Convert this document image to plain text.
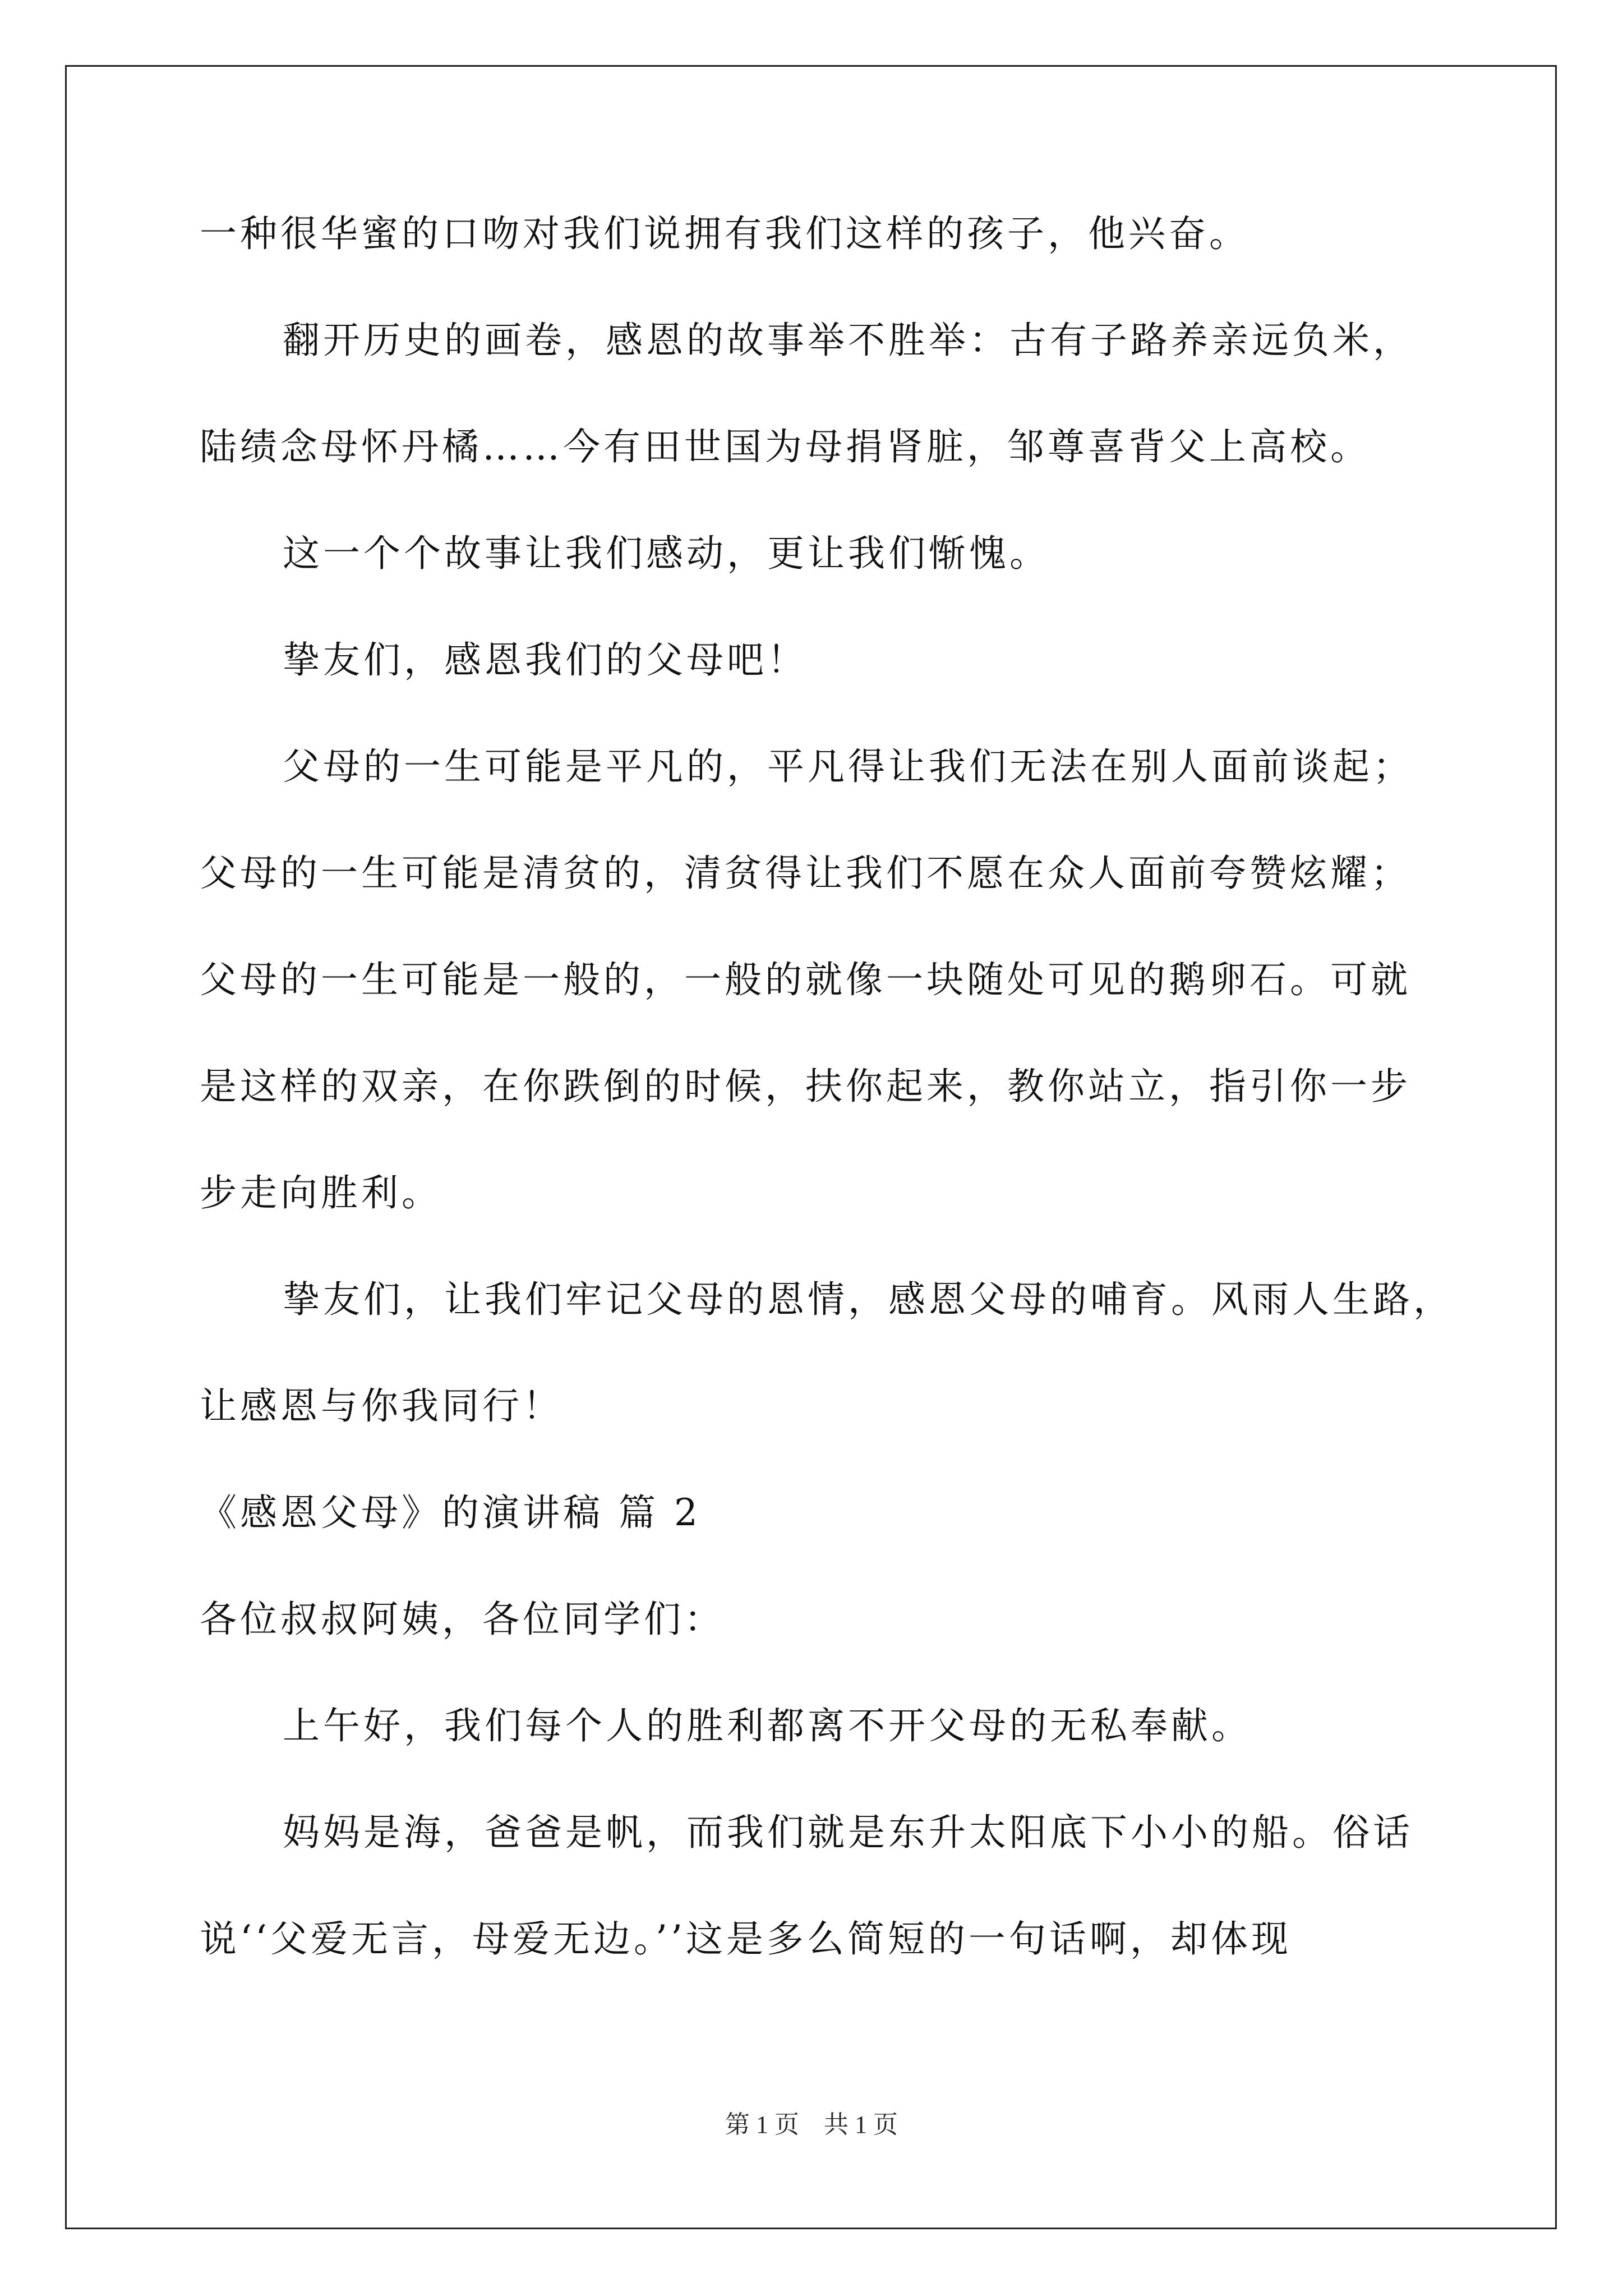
一种很华蜜的口吻对我们说拥有我们这样的孩子，他兴奋。
翻开历史的画卷，感恩的故事举不胜举：古有子路养亲远负米，
陆绩念母怀丹橘……今有田世国为母捐肾脏，邹尊喜背父上高校。
这一个个故事让我们感动，更让我们惭愧。
挚友们，感恩我们的父母吧！
父母的一生可能是平凡的，平凡得让我们无法在别人面前谈起；
父母的一生可能是清贫的，清贫得让我们不愿在众人面前夸赞炫耀；
父母的一生可能是一般的，一般的就像一块随处可见的鹅卵石。可就
是这样的双亲，在你跌倒的时候，扶你起来，教你站立，指引你一步
步走向胜利。
挚友们，让我们牢记父母的恩情，感恩父母的哺育。风雨人生路，
让感恩与你我同行！
《感恩父母》的演讲稿 篇 2
各位叔叔阿姨，各位同学们：
上午好，我们每个人的胜利都离不开父母的无私奉献。
妈妈是海，爸爸是帆，而我们就是东升太阳底下小小的船。俗话
说‘‘父爱无言，母爱无边。’’这是多么简短的一句话啊，却体现
第 1 页　共 1 页
